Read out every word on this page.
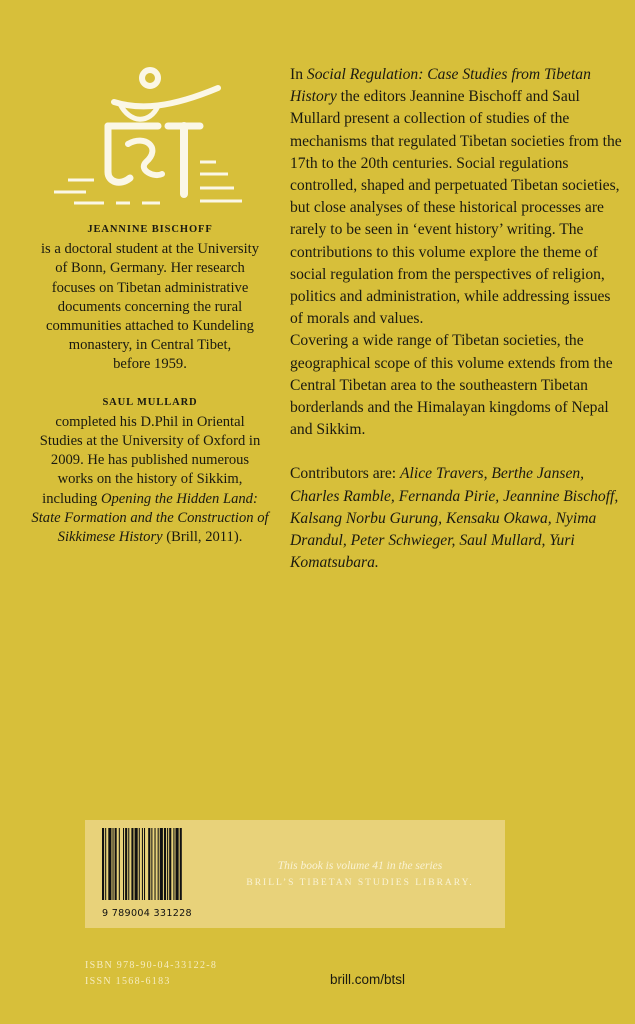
JEANNINE BISCHOFF
is a doctoral student at the University
of Bonn, Germany. Her research
focuses on Tibetan administrative
documents concerning the rural
communities attached to Kundeling
monastery, in Central Tibet,
before 1959.
SAUL MULLARD
completed his D.Phil in Oriental
Studies at the University of Oxford in
2009. He has published numerous
works on the history of Sikkim,
including Opening the Hidden Land:
State Formation and the Construction of
Sikkimese History (Brill, 2011).

In Social Regulation: Case Studies from Tibetan History the editors Jeannine Bischoff and Saul Mullard present a collection of studies of the mechanisms that regulated Tibetan societies from the 17th to the 20th centuries. Social regulations controlled, shaped and perpetuated Tibetan societies, but close analyses of these historical processes are rarely to be seen in ‘event history’ writing. The contributions to this volume explore the theme of social regulation from the perspectives of religion, politics and administration, while addressing issues of morals and values.

Covering a wide range of Tibetan societies, the geographical scope of this volume extends from the Central Tibetan area to the southeastern Tibetan borderlands and the Himalayan kingdoms of Nepal and Sikkim.

Contributors are: Alice Travers, Berthe Jansen, Charles Ramble, Fernanda Pirie, Jeannine Bischoff, Kalsang Norbu Gurung, Kensaku Okawa, Nyima Drandul, Peter Schwieger, Saul Mullard, Yuri Komatsubara.

9 789004 331228
This book is volume 41 in the series
BRILL’S TIBETAN STUDIES LIBRARY.
ISBN 978-90-04-33122-8
ISSN 1568-6183	brill.com/btsl
